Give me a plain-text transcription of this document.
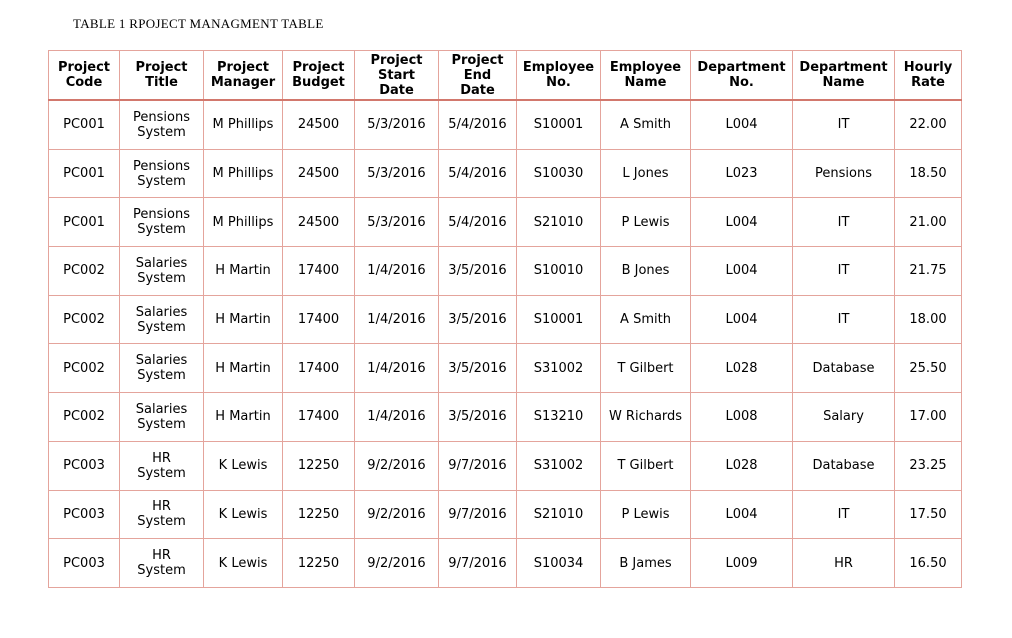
TABLE 1 RPOJECT MANAGMENT TABLE
Project
Code	Project
Title	Project
Manager	Project
Budget	Project
Start
Date	Project
End
Date	Employee
No.	Employee
Name	Department
No.	Department
Name	Hourly
Rate
PC001	Pensions
System	M Phillips	24500	5/3/2016	5/4/2016	S10001	A Smith	L004	IT	22.00
PC001	Pensions
System	M Phillips	24500	5/3/2016	5/4/2016	S10030	L Jones	L023	Pensions	18.50
PC001	Pensions
System	M Phillips	24500	5/3/2016	5/4/2016	S21010	P Lewis	L004	IT	21.00
PC002	Salaries
System	H Martin	17400	1/4/2016	3/5/2016	S10010	B Jones	L004	IT	21.75
PC002	Salaries
System	H Martin	17400	1/4/2016	3/5/2016	S10001	A Smith	L004	IT	18.00
PC002	Salaries
System	H Martin	17400	1/4/2016	3/5/2016	S31002	T Gilbert	L028	Database	25.50
PC002	Salaries
System	H Martin	17400	1/4/2016	3/5/2016	S13210	W Richards	L008	Salary	17.00
PC003	HR
System	K Lewis	12250	9/2/2016	9/7/2016	S31002	T Gilbert	L028	Database	23.25
PC003	HR
System	K Lewis	12250	9/2/2016	9/7/2016	S21010	P Lewis	L004	IT	17.50
PC003	HR
System	K Lewis	12250	9/2/2016	9/7/2016	S10034	B James	L009	HR	16.50
